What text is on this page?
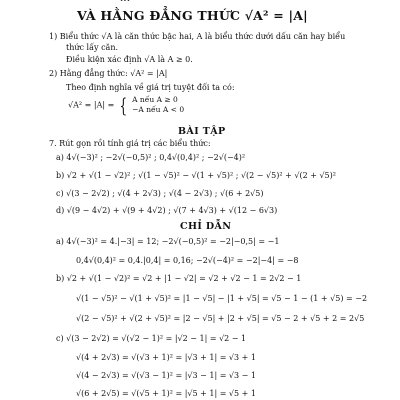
VÀ HẰNG ĐẲNG THỨC √A² = |A|
1) Biểu thức √A là căn thức bậc hai, A là biểu thức dưới dấu căn hay biểu
thức lấy căn.
Điều kiện xác định √A là A ≥ 0.
2) Hằng đẳng thức: √A² = |A|
Theo định nghĩa về giá trị tuyệt đối ta có:
√A² = |A| = { A nếu A ≥ 0
−A nếu A < 0
BÀI TẬP
7. Rút gọn rồi tính giá trị các biểu thức:
a) 4√(−3)² ; −2√(−0,5)² ; 0,4√(0,4)² ; −2√(−4)²
b) √2 + √(1 − √2)² ; √(1 − √5)² − √(1 + √5)² ; √(2 − √5)² + √(2 + √5)²
c) √(3 − 2√2) ; √(4 + 2√3) ; √(4 − 2√3) ; √(6 + 2√5)
d) √(9 − 4√2) + √(9 + 4√2) ; √(7 + 4√3) + √(12 − 6√3)
CHỈ DẪN
a) 4√(−3)² = 4.|−3| = 12; −2√(−0,5)² = −2|−0,5| = −1
0,4√(0,4)² = 0,4.|0,4| = 0,16; −2√(−4)² = −2|−4| = −8
b) √2 + √(1 − √2)² = √2 + |1 − √2| = √2 + √2 − 1 = 2√2 − 1
√(1 − √5)² − √(1 + √5)² = |1 − √5| − |1 + √5| = √5 − 1 − (1 + √5) = −2
√(2 − √5)² + √(2 + √5)² = |2 − √5| + |2 + √5| = √5 − 2 + √5 + 2 = 2√5
c) √(3 − 2√2) = √(√2 − 1)² = |√2 − 1| = √2 − 1
√(4 + 2√3) = √(√3 + 1)² = |√3 + 1| = √3 + 1
√(4 − 2√3) = √(√3 − 1)² = |√3 − 1| = √3 − 1
√(6 + 2√5) = √(√5 + 1)² = |√5 + 1| = √5 + 1
